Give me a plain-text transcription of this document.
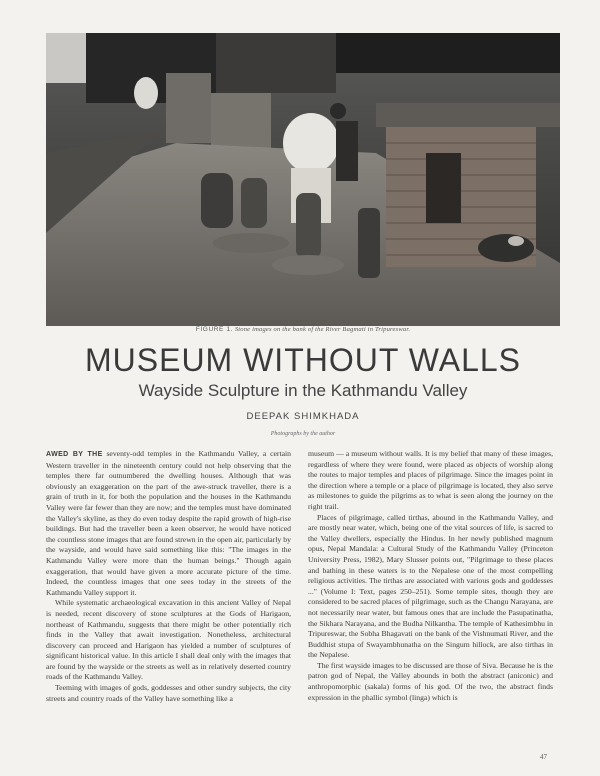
FIGURE 1. Stone images on the bank of the River Bagmati in Tripureswar.
MUSEUM WITHOUT WALLS
Wayside Sculpture in the Kathmandu Valley
DEEPAK SHIMKHADA
Photographs by the author

AWED BY THE seventy-odd temples in the Kathmandu Valley, a certain Western traveller in the nineteenth century could not help observing that the temples there far outnumbered the dwelling houses. Although that was obviously an exaggeration on the part of the awe-struck traveller, there is a grain of truth in it, for both the population and the houses in the Kathmandu Valley were far fewer than they are now; and the temples must have dominated the Valley's skyline, as they do even today despite the rapid growth of high-rise buildings. But had the traveller been a keen observer, he would have noticed the countless stone images that are found strewn in the open air, particularly by the wayside, and would have said something like this: "The images in the Kathmandu Valley were more than the human beings." Though again exaggeration, that would have given a more accurate picture of the time. Indeed, the countless images that one sees today in the streets of the Kathmandu Valley support it.

While systematic archaeological excavation in this ancient Valley of Nepal is needed, recent discovery of stone sculptures at the Gods of Harigaon, northeast of Kathmandu, suggests that there might be other potentially rich finds in the Valley that await investigation. Nonetheless, architectural discovery can proceed and Harigaon has yielded a number of sculptures of significant historical value. In this article I shall deal only with the images that are found by the wayside or the streets as well as in relatively deserted country roads of the Kathmandu Valley.

Teeming with images of gods, goddesses and other sundry subjects, the city streets and country roads of the Valley have something like a

museum — a museum without walls. It is my belief that many of these images, regardless of where they were found, were placed as objects of worship along the routes to major temples and places of pilgrimage. Since the images point in the direction where a temple or a place of pilgrimage is located, they also serve as milestones to guide the pilgrims as to what is seen along the journey on the right trail.

Places of pilgrimage, called tirthas, abound in the Kathmandu Valley, and are mostly near water, which, being one of the vital sources of life, is sacred to the Valley dwellers, especially the Hindus. In her newly published magnum opus, Nepal Mandala: a Cultural Study of the Kathmandu Valley (Princeton University Press, 1982), Mary Slusser points out, "Pilgrimage to these places and bathing in these waters is to the Nepalese one of the most compelling religious activities. The tirthas are associated with various gods and goddesses ..." (Volume I: Text, pages 250–251). Some temple sites, though they are considered to be sacred places of pilgrimage, such as the Changu Narayana, are not necessarily near water, but famous ones that are include the Pasupatinatha, the Sikhara Narayana, and the Budha Nilkantha. The temple of Kathesimbhu in Tripureswar, the Sobha Bhagavati on the bank of the Vishnumati River, and the Buddhist stupa of Swayambhunatha on the Singum hillock, are also tirthas in the Nepalese.

The first wayside images to be discussed are those of Siva. Because he is the patron god of Nepal, the Valley abounds in both the abstract (aniconic) and anthropomorphic (sakala) forms of his god. Of the two, the abstract finds expression in the phallic symbol (linga) which is

47
